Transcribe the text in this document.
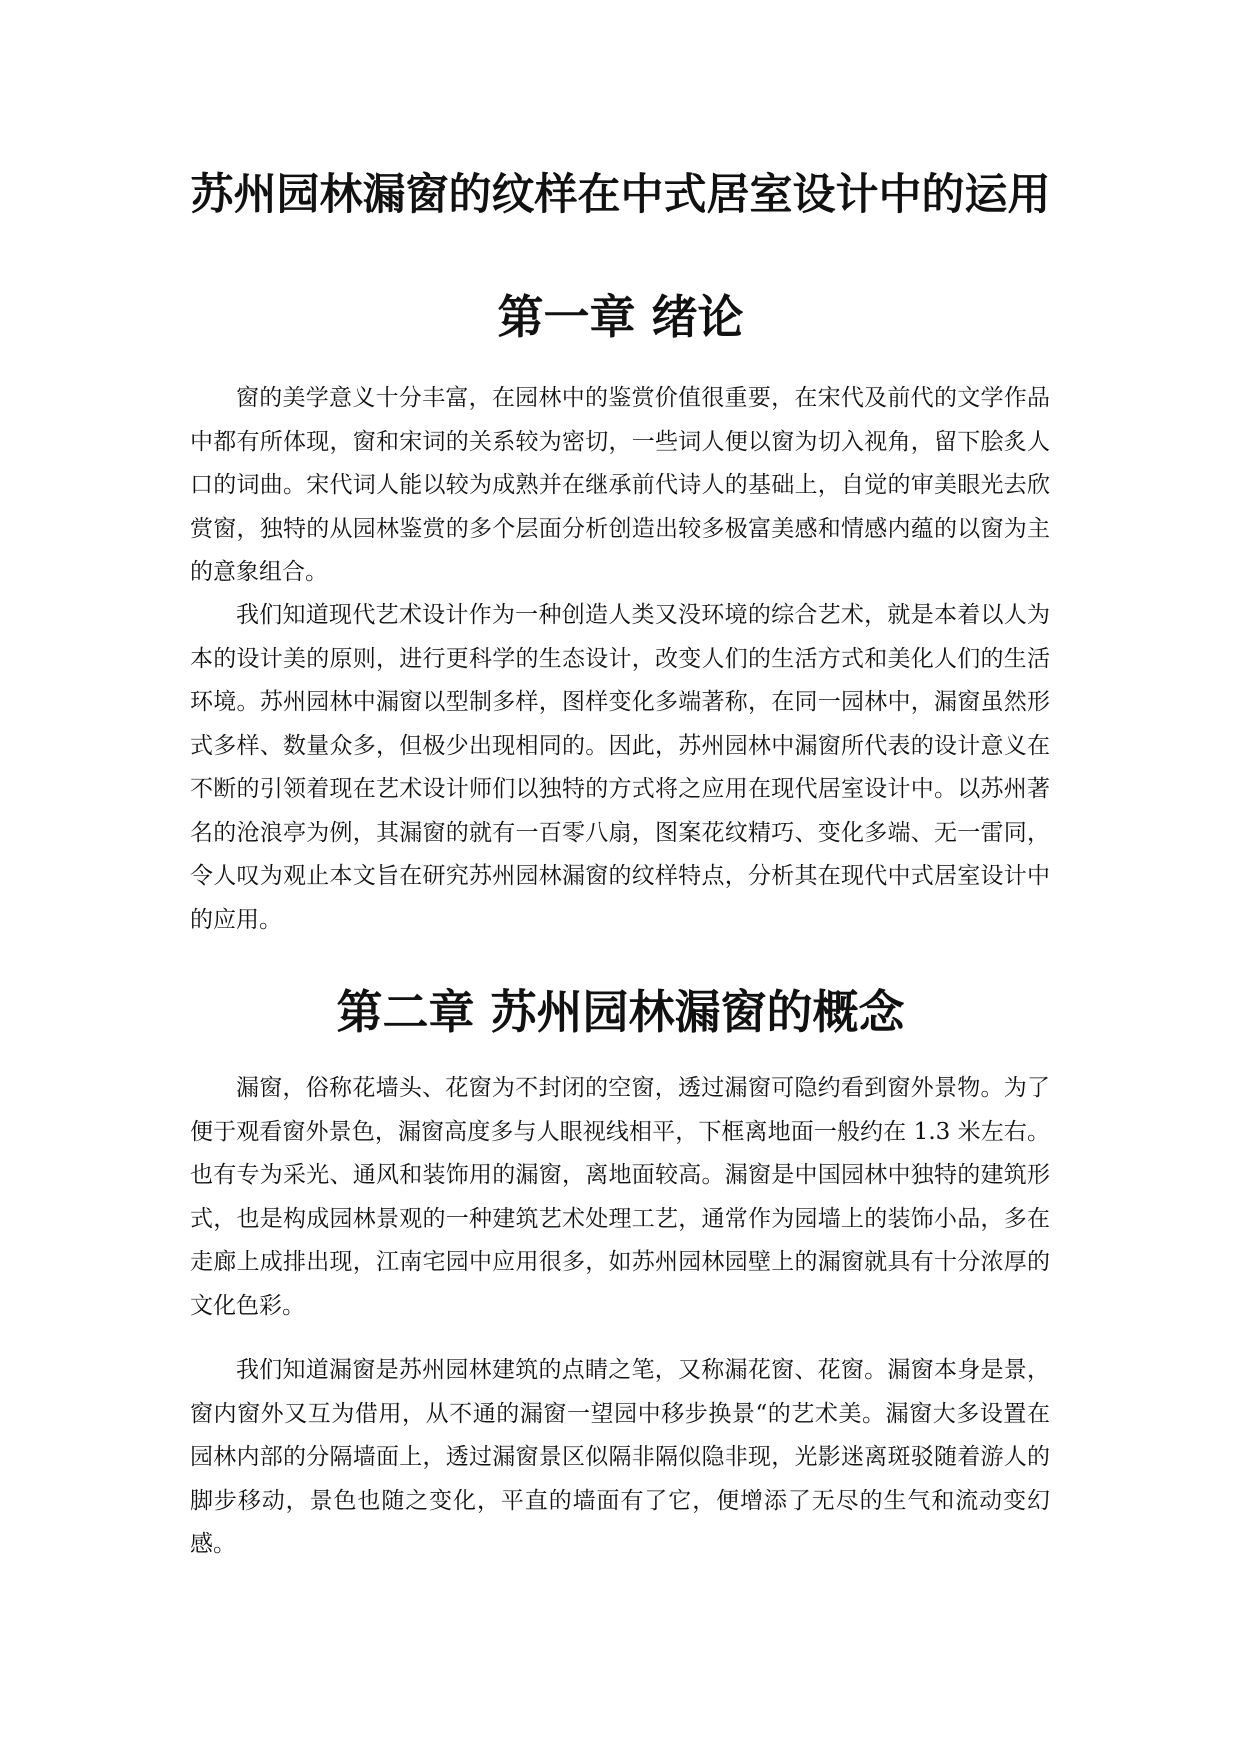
苏州园林漏窗的纹样在中式居室设计中的运用
第一章 绪论

窗的美学意义十分丰富，在园林中的鉴赏价值很重要，在宋代及前代的文学作品中都有所体现，窗和宋词的关系较为密切，一些词人便以窗为切入视角，留下脍炙人口的词曲。宋代词人能以较为成熟并在继承前代诗人的基础上，自觉的审美眼光去欣赏窗，独特的从园林鉴赏的多个层面分析创造出较多极富美感和情感内蕴的以窗为主的意象组合。

我们知道现代艺术设计作为一种创造人类又没环境的综合艺术，就是本着以人为本的设计美的原则，进行更科学的生态设计，改变人们的生活方式和美化人们的生活环境。苏州园林中漏窗以型制多样，图样变化多端著称，在同一园林中，漏窗虽然形式多样、数量众多，但极少出现相同的。因此，苏州园林中漏窗所代表的设计意义在不断的引领着现在艺术设计师们以独特的方式将之应用在现代居室设计中。以苏州著名的沧浪亭为例，其漏窗的就有一百零八扇，图案花纹精巧、变化多端、无一雷同，令人叹为观止本文旨在研究苏州园林漏窗的纹样特点，分析其在现代中式居室设计中的应用。

第二章 苏州园林漏窗的概念

漏窗，俗称花墙头、花窗为不封闭的空窗，透过漏窗可隐约看到窗外景物。为了便于观看窗外景色，漏窗高度多与人眼视线相平，下框离地面一般约在 1.3 米左右。也有专为采光、通风和装饰用的漏窗，离地面较高。漏窗是中国园林中独特的建筑形式，也是构成园林景观的一种建筑艺术处理工艺，通常作为园墙上的装饰小品，多在走廊上成排出现，江南宅园中应用很多，如苏州园林园壁上的漏窗就具有十分浓厚的文化色彩。

我们知道漏窗是苏州园林建筑的点睛之笔，又称漏花窗、花窗。漏窗本身是景，窗内窗外又互为借用，从不通的漏窗一望园中移步换景“的艺术美。漏窗大多设置在园林内部的分隔墙面上，透过漏窗景区似隔非隔似隐非现，光影迷离斑驳随着游人的脚步移动，景色也随之变化，平直的墙面有了它，便增添了无尽的生气和流动变幻感。
